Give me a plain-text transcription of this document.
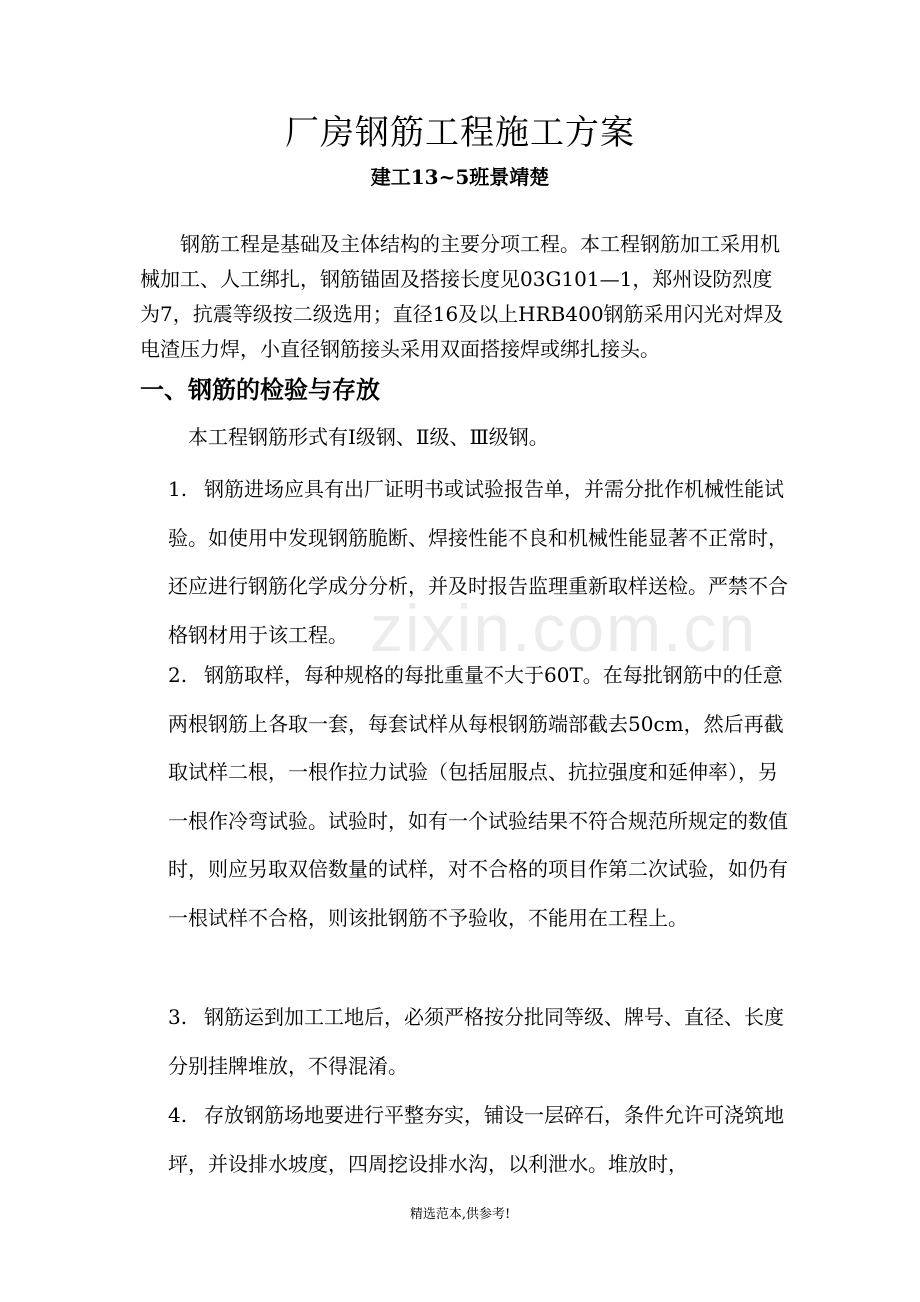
厂房钢筋工程施工方案
建工13~5班景靖楚

钢筋工程是基础及主体结构的主要分项工程。本工程钢筋加工采用机械加工、人工绑扎，钢筋锚固及搭接长度见03G101—1，郑州设防烈度为7，抗震等级按二级选用；直径16及以上HRB400钢筋采用闪光对焊及电渣压力焊，小直径钢筋接头采用双面搭接焊或绑扎接头。

一、钢筋的检验与存放

本工程钢筋形式有Ⅰ级钢、Ⅱ级、Ⅲ级钢。

1. 钢筋进场应具有出厂证明书或试验报告单，并需分批作机械性能试验。如使用中发现钢筋脆断、焊接性能不良和机械性能显著不正常时，还应进行钢筋化学成分分析，并及时报告监理重新取样送检。严禁不合格钢材用于该工程。

2. 钢筋取样，每种规格的每批重量不大于60T。在每批钢筋中的任意两根钢筋上各取一套，每套试样从每根钢筋端部截去50cm，然后再截取试样二根，一根作拉力试验（包括屈服点、抗拉强度和延伸率），另一根作冷弯试验。试验时，如有一个试验结果不符合规范所规定的数值时，则应另取双倍数量的试样，对不合格的项目作第二次试验，如仍有一根试样不合格，则该批钢筋不予验收，不能用在工程上。

3. 钢筋运到加工工地后，必须严格按分批同等级、牌号、直径、长度分别挂牌堆放，不得混淆。

4. 存放钢筋场地要进行平整夯实，铺设一层碎石，条件允许可浇筑地坪，并设排水坡度，四周挖设排水沟，以利泄水。堆放时，

zixin.com.cn
精选范本,供参考!
